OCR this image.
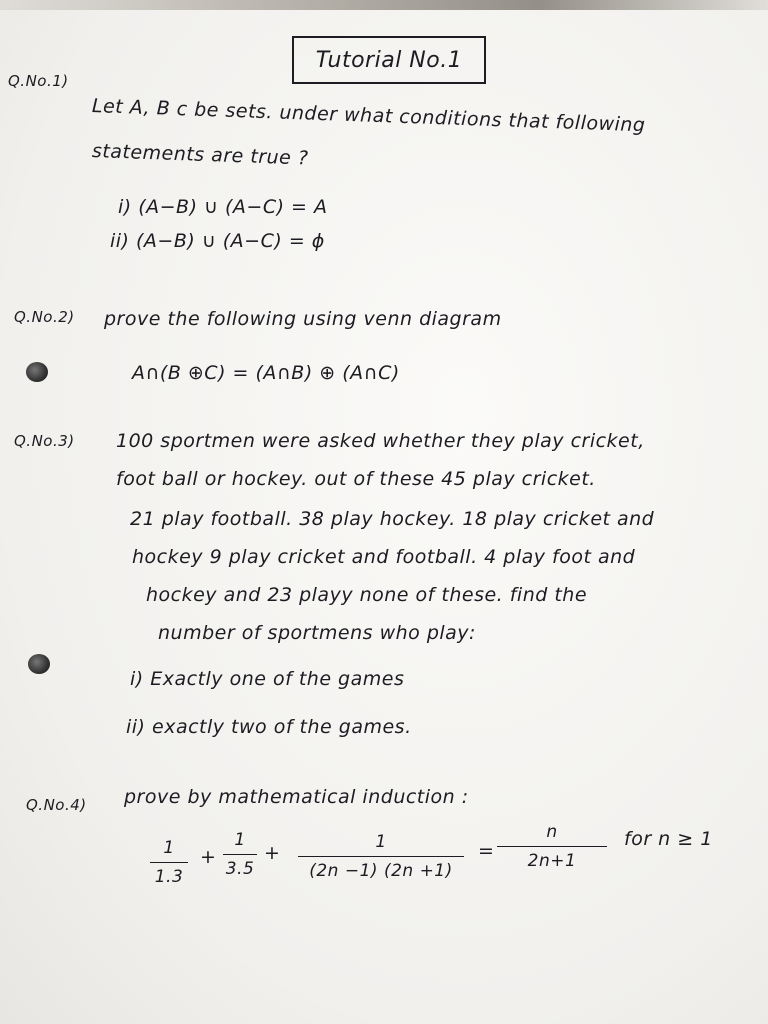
Tutorial No.1
Q.No.1)
Let A, B c be sets. under what conditions that following
statements are true ?
i) (A−B) ∪ (A−C) = A
ii) (A−B) ∪ (A−C) = ϕ
Q.No.2) prove the following using venn diagram
A∩(B ⊕C) = (A∩B) ⊕ (A∩C)
Q.No.3) 100 sportmen were asked whether they play cricket,
foot ball or hockey. out of these 45 play cricket.
21 play football. 38 play hockey. 18 play cricket and
hockey 9 play cricket and football. 4 play foot and
hockey and 23 playy none of these. find the
number of sportmens who play:
i) Exactly one of the games
ii) exactly two of the games.
Q.No.4) prove by mathematical induction :
1
1.3
+
1
3.5
+	1
(2n −1) (2n +1)
=
n
2n+1
for n ≥ 1
